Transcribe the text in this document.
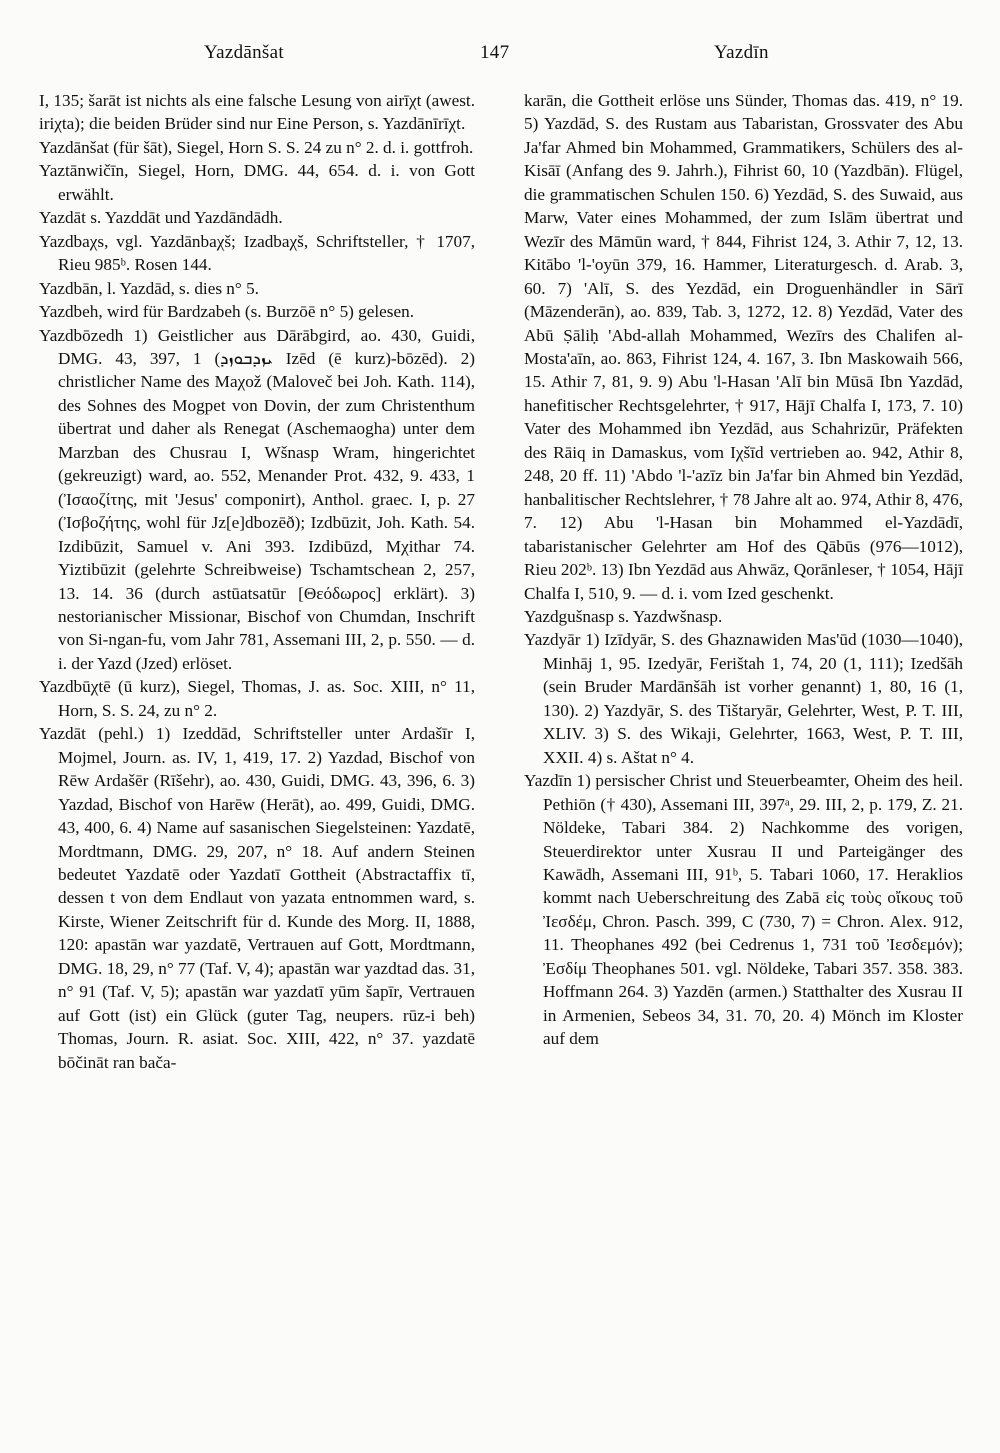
Yazdānšat	147	Yazdīn

I, 135; šarāt ist nichts als eine falsche Lesung von airīχt (awest. iriχta); die beiden Brüder sind nur Eine Person, s. Yazdānīrīχt.

Yazdānšat (für šāt), Siegel, Horn S. S. 24 zu n° 2. d. i. gottfroh.

Yaztānwičīn, Siegel, Horn, DMG. 44, 654. d. i. von Gott erwählt.

Yazdāt s. Yazddāt und Yazdāndādh.

Yazdbaχs, vgl. Yazdānbaχš; Izadbaχš, Schriftsteller, † 1707, Rieu 985ᵇ. Rosen 144.

Yazdbān, l. Yazdād, s. dies n° 5.

Yazdbeh, wird für Bardzabeh (s. Burzōē n° 5) gelesen.

Yazdbōzedh 1) Geistlicher aus Dārābgird, ao. 430, Guidi, DMG. 43, 397, 1 (ܝܙܕܒܘܙܕ Izēd (ē kurz)-bōzēd). 2) christlicher Name des Maχož (Maloveč bei Joh. Kath. 114), des Sohnes des Mogpet von Dovin, der zum Christenthum übertrat und daher als Renegat (Aschemaogha) unter dem Marzban des Chusrau I, Wšnasp Wram, hingerichtet (gekreuzigt) ward, ao. 552, Menander Prot. 432, 9. 433, 1 (Ἰσαοζίτης, mit 'Jesus' componirt), Anthol. graec. I, p. 27 (Ἰσβοζήτης, wohl für Jz[e]dbozēð); Izdbūzit, Joh. Kath. 54. Izdibūzit, Samuel v. Ani 393. Izdibūzd, Mχithar 74. Yiztibūzit (gelehrte Schreibweise) Tschamtschean 2, 257, 13. 14. 36 (durch astūatsatūr [Θεόδωρος] erklärt). 3) nestorianischer Missionar, Bischof von Chumdan, Inschrift von Si-ngan-fu, vom Jahr 781, Assemani III, 2, p. 550. — d. i. der Yazd (Jzed) erlöset.

Yazdbūχtē (ū kurz), Siegel, Thomas, J. as. Soc. XIII, n° 11, Horn, S. S. 24, zu n° 2.

Yazdāt (pehl.) 1) Izeddād, Schriftsteller unter Ardašīr I, Mojmel, Journ. as. IV, 1, 419, 17. 2) Yazdad, Bischof von Rēw Ardašēr (Rīšehr), ao. 430, Guidi, DMG. 43, 396, 6. 3) Yazdad, Bischof von Harēw (Herāt), ao. 499, Guidi, DMG. 43, 400, 6. 4) Name auf sasanischen Siegelsteinen: Yazdatē, Mordtmann, DMG. 29, 207, n° 18. Auf andern Steinen bedeutet Yazdatē oder Yazdatī Gottheit (Abstractaffix tī, dessen t von dem Endlaut von yazata entnommen ward, s. Kirste, Wiener Zeitschrift für d. Kunde des Morg. II, 1888, 120: apastān war yazdatē, Vertrauen auf Gott, Mordtmann, DMG. 18, 29, n° 77 (Taf. V, 4); apastān war yazdtad das. 31, n° 91 (Taf. V, 5); apastān war yazdatī yūm šapīr, Vertrauen auf Gott (ist) ein Glück (guter Tag, neupers. rūz-i beh) Thomas, Journ. R. asiat. Soc. XIII, 422, n° 37. yazdatē bōčināt ran bača-

karān, die Gottheit erlöse uns Sünder, Thomas das. 419, n° 19. 5) Yazdād, S. des Rustam aus Tabaristan, Grossvater des Abu Ja'far Ahmed bin Mohammed, Grammatikers, Schülers des al-Kisāī (Anfang des 9. Jahrh.), Fihrist 60, 10 (Yazdbān). Flügel, die grammatischen Schulen 150. 6) Yezdād, S. des Suwaid, aus Marw, Vater eines Mohammed, der zum Islām übertrat und Wezīr des Māmūn ward, † 844, Fihrist 124, 3. Athir 7, 12, 13. Kitābo 'l-'oyūn 379, 16. Hammer, Literaturgesch. d. Arab. 3, 60. 7) 'Alī, S. des Yezdād, ein Droguenhändler in Sārī (Māzenderān), ao. 839, Tab. 3, 1272, 12. 8) Yezdād, Vater des Abū Ṣāliḥ 'Abd-allah Mohammed, Wezīrs des Chalifen al-Mosta'aīn, ao. 863, Fihrist 124, 4. 167, 3. Ibn Maskowaih 566, 15. Athir 7, 81, 9. 9) Abu 'l-Hasan 'Alī bin Mūsā Ibn Yazdād, hanefitischer Rechtsgelehrter, † 917, Hājī Chalfa I, 173, 7. 10) Vater des Mohammed ibn Yezdād, aus Schahrizūr, Präfekten des Rāiq in Damaskus, vom Iχšīd vertrieben ao. 942, Athir 8, 248, 20 ff. 11) 'Abdo 'l-'azīz bin Ja'far bin Ahmed bin Yezdād, hanbalitischer Rechtslehrer, † 78 Jahre alt ao. 974, Athir 8, 476, 7. 12) Abu 'l-Hasan bin Mohammed el-Yazdādī, tabaristanischer Gelehrter am Hof des Qābūs (976—1012), Rieu 202ᵇ. 13) Ibn Yezdād aus Ahwāz, Qorānleser, † 1054, Hājī Chalfa I, 510, 9. — d. i. vom Ized geschenkt.

Yazdgušnasp s. Yazdwšnasp.

Yazdyār 1) Izīdyār, S. des Ghaznawiden Mas'ūd (1030—1040), Minhāj 1, 95. Izedyār, Ferištah 1, 74, 20 (1, 111); Izedšāh (sein Bruder Mardānšāh ist vorher genannt) 1, 80, 16 (1, 130). 2) Yazdyār, S. des Tištaryār, Gelehrter, West, P. T. III, XLIV. 3) S. des Wikaji, Gelehrter, 1663, West, P. T. III, XXII. 4) s. Aštat n° 4.

Yazdīn 1) persischer Christ und Steuerbeamter, Oheim des heil. Pethiōn († 430), Assemani III, 397ᵃ, 29. III, 2, p. 179, Z. 21. Nöldeke, Tabari 384. 2) Nachkomme des vorigen, Steuerdirektor unter Xusrau II und Parteigänger des Kawādh, Assemani III, 91ᵇ, 5. Tabari 1060, 17. Heraklios kommt nach Ueberschreitung des Zabā εἰς τοὺς οἴκους τοῦ Ἰεσδέμ, Chron. Pasch. 399, C (730, 7) = Chron. Alex. 912, 11. Theophanes 492 (bei Cedrenus 1, 731 τοῦ Ἰεσδεμόν); Ἐσδίμ Theophanes 501. vgl. Nöldeke, Tabari 357. 358. 383. Hoffmann 264. 3) Yazdēn (armen.) Statthalter des Xusrau II in Armenien, Sebeos 34, 31. 70, 20. 4) Mönch im Kloster auf dem
